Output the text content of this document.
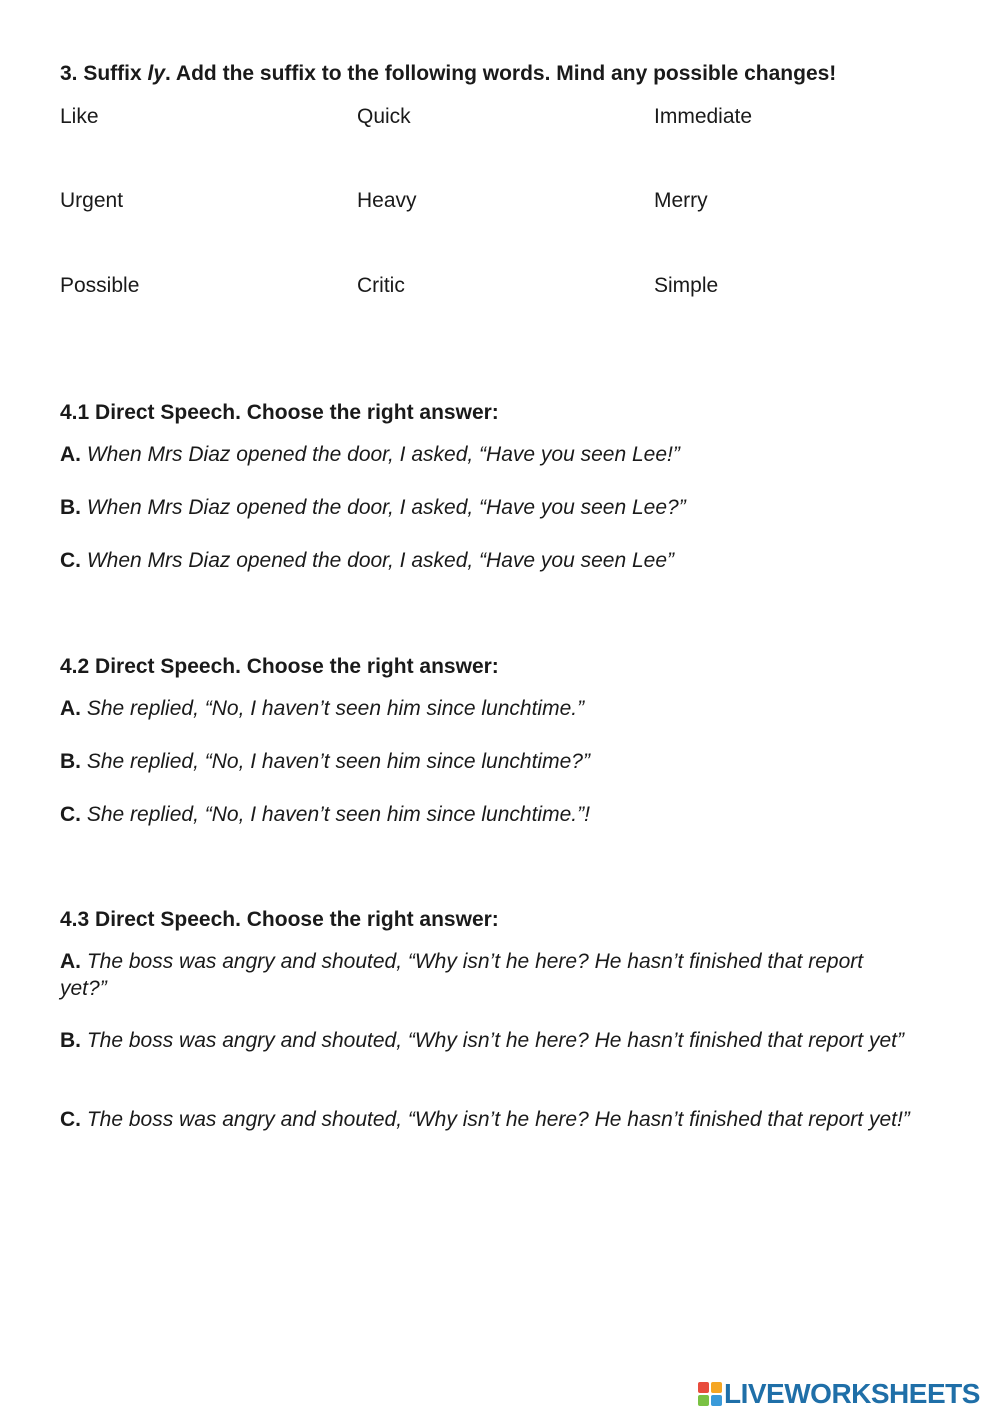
3. Suffix ly. Add the suffix to the following words. Mind any possible changes!
Like	Quick	Immediate
Urgent	Heavy	Merry
Possible	Critic	Simple
4.1 Direct Speech. Choose the right answer:
A. When Mrs Diaz opened the door, I asked, “Have you seen Lee!”
B. When Mrs Diaz opened the door, I asked, “Have you seen Lee?”
C. When Mrs Diaz opened the door, I asked, “Have you seen Lee”
4.2 Direct Speech. Choose the right answer:
A. She replied, “No, I haven’t seen him since lunchtime.”
B. She replied, “No, I haven’t seen him since lunchtime?”
C. She replied, “No, I haven’t seen him since lunchtime.”!
4.3 Direct Speech. Choose the right answer:
A. The boss was angry and shouted, “Why isn’t he here? He hasn’t finished that report yet?”
B. The boss was angry and shouted, “Why isn’t he here? He hasn’t finished that report yet”
C. The boss was angry and shouted, “Why isn’t he here? He hasn’t finished that report yet!”
LIVEWORKSHEETS
